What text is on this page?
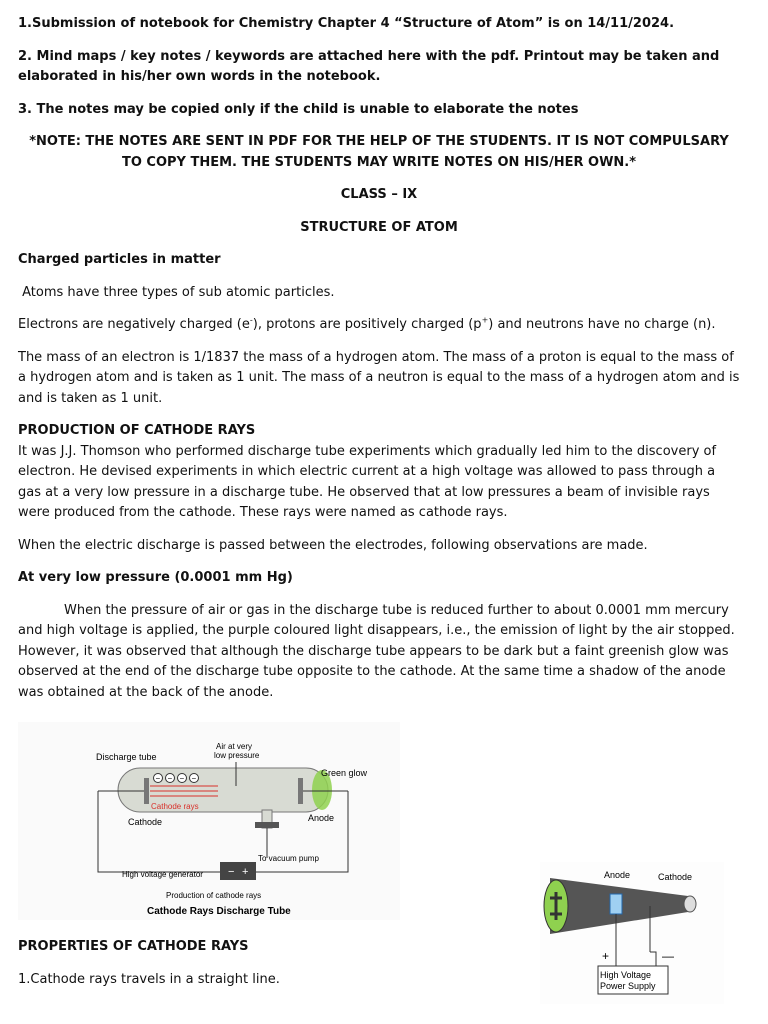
1.Submission of notebook for Chemistry Chapter 4 “Structure of Atom” is on 14/11/2024.

2. Mind maps / key notes / keywords are attached here with the pdf. Printout may be taken and elaborated in his/her own words in the notebook.

3. The notes may be copied only if the child is unable to elaborate the notes

*NOTE: THE NOTES ARE SENT IN PDF FOR THE HELP OF THE STUDENTS. IT IS NOT COMPULSARY TO COPY THEM. THE STUDENTS MAY WRITE NOTES ON HIS/HER OWN.*

CLASS – IX

STRUCTURE OF ATOM

Charged particles in matter

Atoms have three types of sub atomic particles.

Electrons are negatively charged (e-), protons are positively charged (p+) and neutrons have no charge (n).

The mass of an electron is 1/1837 the mass of a hydrogen atom. The mass of a proton is equal to the mass of a hydrogen atom and is taken as 1 unit. The mass of a neutron is equal to the mass of a hydrogen atom and is and is taken as 1 unit.

PRODUCTION OF CATHODE RAYS

It was J.J. Thomson who performed discharge tube experiments which gradually led him to the discovery of electron. He devised experiments in which electric current at a high voltage was allowed to pass through a gas at a very low pressure in a discharge tube. He observed that at low pressures a beam of invisible rays were produced from the cathode. These rays were named as cathode rays.

When the electric discharge is passed between the electrodes, following observations are made.

At very low pressure (0.0001 mm Hg)

When the pressure of air or gas in the discharge tube is reduced further to about 0.0001 mm mercury and high voltage is applied, the purple coloured light disappears, i.e., the emission of light by the air stopped. However, it was observed that although the discharge tube appears to be dark but a faint greenish glow was observed at the end of the discharge tube opposite to the cathode. At the same time a shadow of the anode was obtained at the back of the anode.

− +
− − − −
Discharge tube
Air at very
low pressure
Green glow
Cathode rays
Cathode	Anode
To vacuum pump
High voltage generator
Production of cathode rays
Cathode Rays Discharge Tube

PROPERTIES OF CATHODE RAYS

1.Cathode rays travels in a straight line.

Anode	Cathode
+	—
High Voltage
Power Supply
